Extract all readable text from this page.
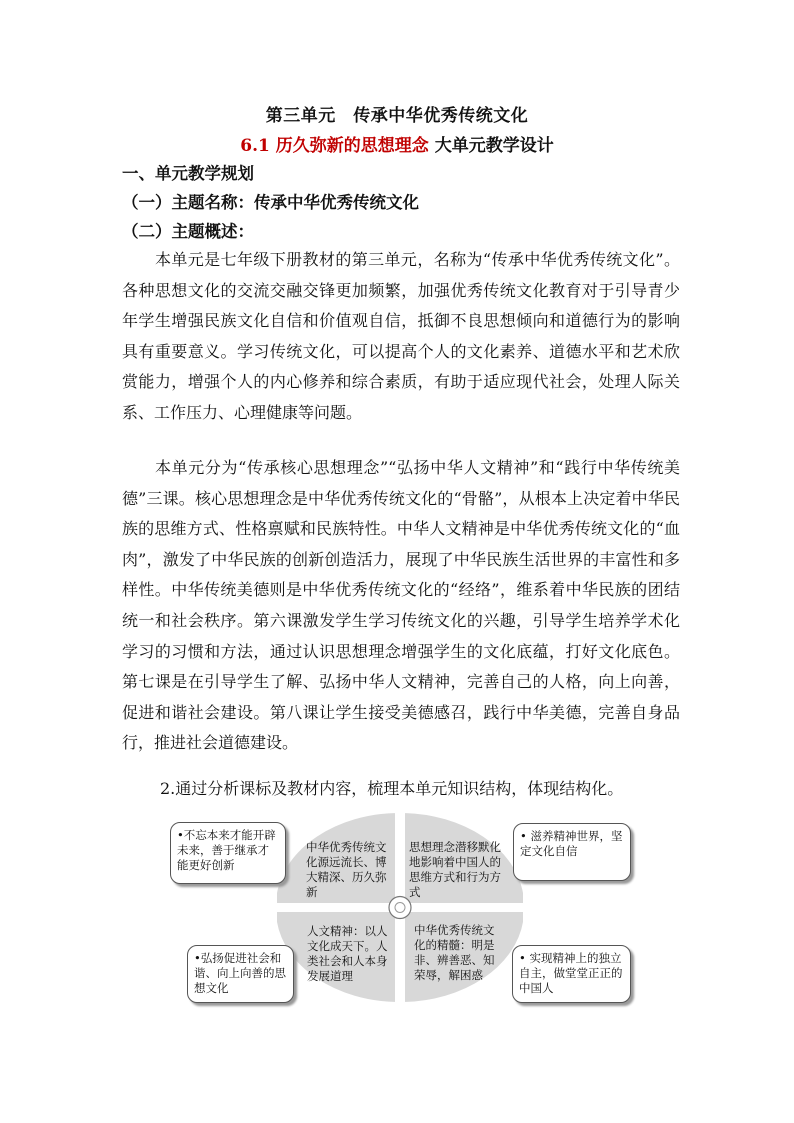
第三单元　传承中华优秀传统文化
6.1 历久弥新的思想理念 大单元教学设计
一、单元教学规划
（一）主题名称：传承中华优秀传统文化
（二）主题概述：
本单元是七年级下册教材的第三单元，名称为“传承中华优秀传统文化”。各种思想文化的交流交融交锋更加频繁，加强优秀传统文化教育对于引导青少年学生增强民族文化自信和价值观自信，抵御不良思想倾向和道德行为的影响具有重要意义。学习传统文化，可以提高个人的文化素养、道德水平和艺术欣赏能力，增强个人的内心修养和综合素质，有助于适应现代社会，处理人际关系、工作压力、心理健康等问题。
本单元分为“传承核心思想理念”“弘扬中华人文精神”和“践行中华传统美德”三课。核心思想理念是中华优秀传统文化的“骨骼”，从根本上决定着中华民族的思维方式、性格禀赋和民族特性。中华人文精神是中华优秀传统文化的“血肉”，激发了中华民族的创新创造活力，展现了中华民族生活世界的丰富性和多样性。中华传统美德则是中华优秀传统文化的“经络”，维系着中华民族的团结统一和社会秩序。第六课激发学生学习传统文化的兴趣，引导学生培养学术化学习的习惯和方法，通过认识思想理念增强学生的文化底蕴，打好文化底色。第七课是在引导学生了解、弘扬中华人文精神，完善自己的人格，向上向善，促进和谐社会建设。第八课让学生接受美德感召，践行中华美德，完善自身品行，推进社会道德建设。
2.通过分析课标及教材内容，梳理本单元知识结构，体现结构化。
•不忘本来才能开辟未来，善于继承才能更好创新
• 滋养精神世界，坚定文化自信
•弘扬促进社会和谐、向上向善的思想文化
• 实现精神上的独立自主，做堂堂正正的中国人
中华优秀传统文化源远流长、博大精深、历久弥新
思想理念潜移默化地影响着中国人的思维方式和行为方式
人文精神：以人文化成天下。人类社会和人本身发展道理
中华优秀传统文化的精髓：明是非、辨善恶、知荣辱，解困惑
